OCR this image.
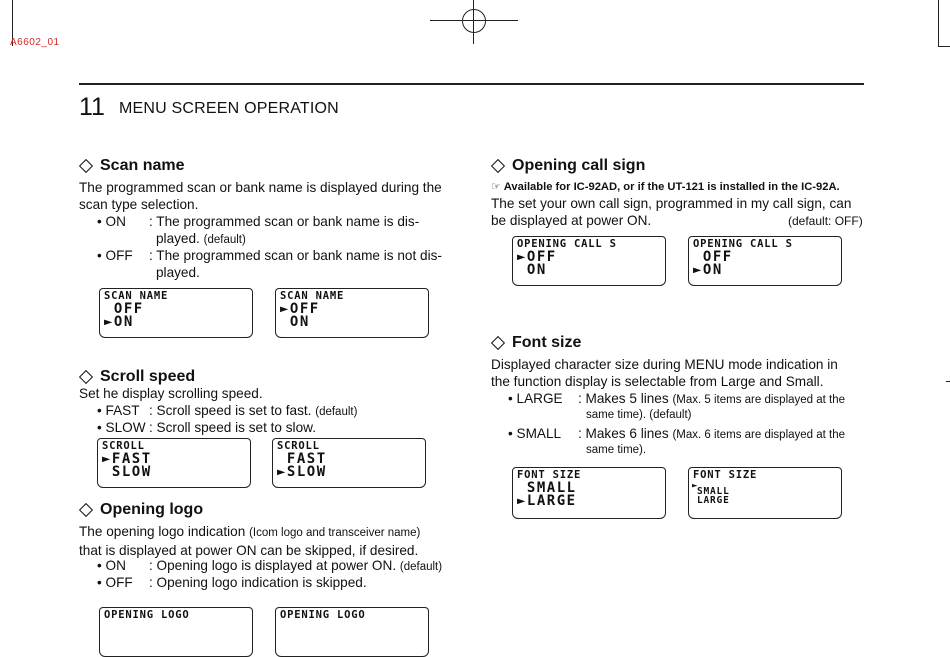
A6602_01
11 MENU SCREEN OPERATION
Scan name
The programmed scan or bank name is displayed during the
scan type selection.
• ON : The programmed scan or bank name is dis-
played. (default)
• OFF : The programmed scan or bank name is not dis-
played.
SCAN NAME
OFF
►ON
SCAN NAME
►OFF
ON
Scroll speed
Set he display scrolling speed.
• FAST : Scroll speed is set to fast. (default)
• SLOW : Scroll speed is set to slow.
SCROLL
►FAST
SLOW
SCROLL
FAST
►SLOW
Opening logo
The opening logo indication (Icom logo and transceiver name)
that is displayed at power ON can be skipped, if desired.
• ON : Opening logo is displayed at power ON. (default)
• OFF : Opening logo indication is skipped.
OPENING LOGO	OPENING LOGO
Opening call sign
☞ Available for IC-92AD, or if the UT-121 is installed in the IC-92A.
The set your own call sign, programmed in my call sign, can
be displayed at power ON.	(default: OFF)
OPENING CALL S
►OFF
ON
OPENING CALL S
OFF
►ON
Font size
Displayed character size during MENU mode indication in
the function display is selectable from Large and Small.
• LARGE : Makes 5 lines (Max. 5 items are displayed at the
same time). (default)
• SMALL : Makes 6 lines (Max. 6 items are displayed at the
same time).
FONT SIZE
SMALL
►LARGE
FONT SIZE
► SMALL
LARGE
